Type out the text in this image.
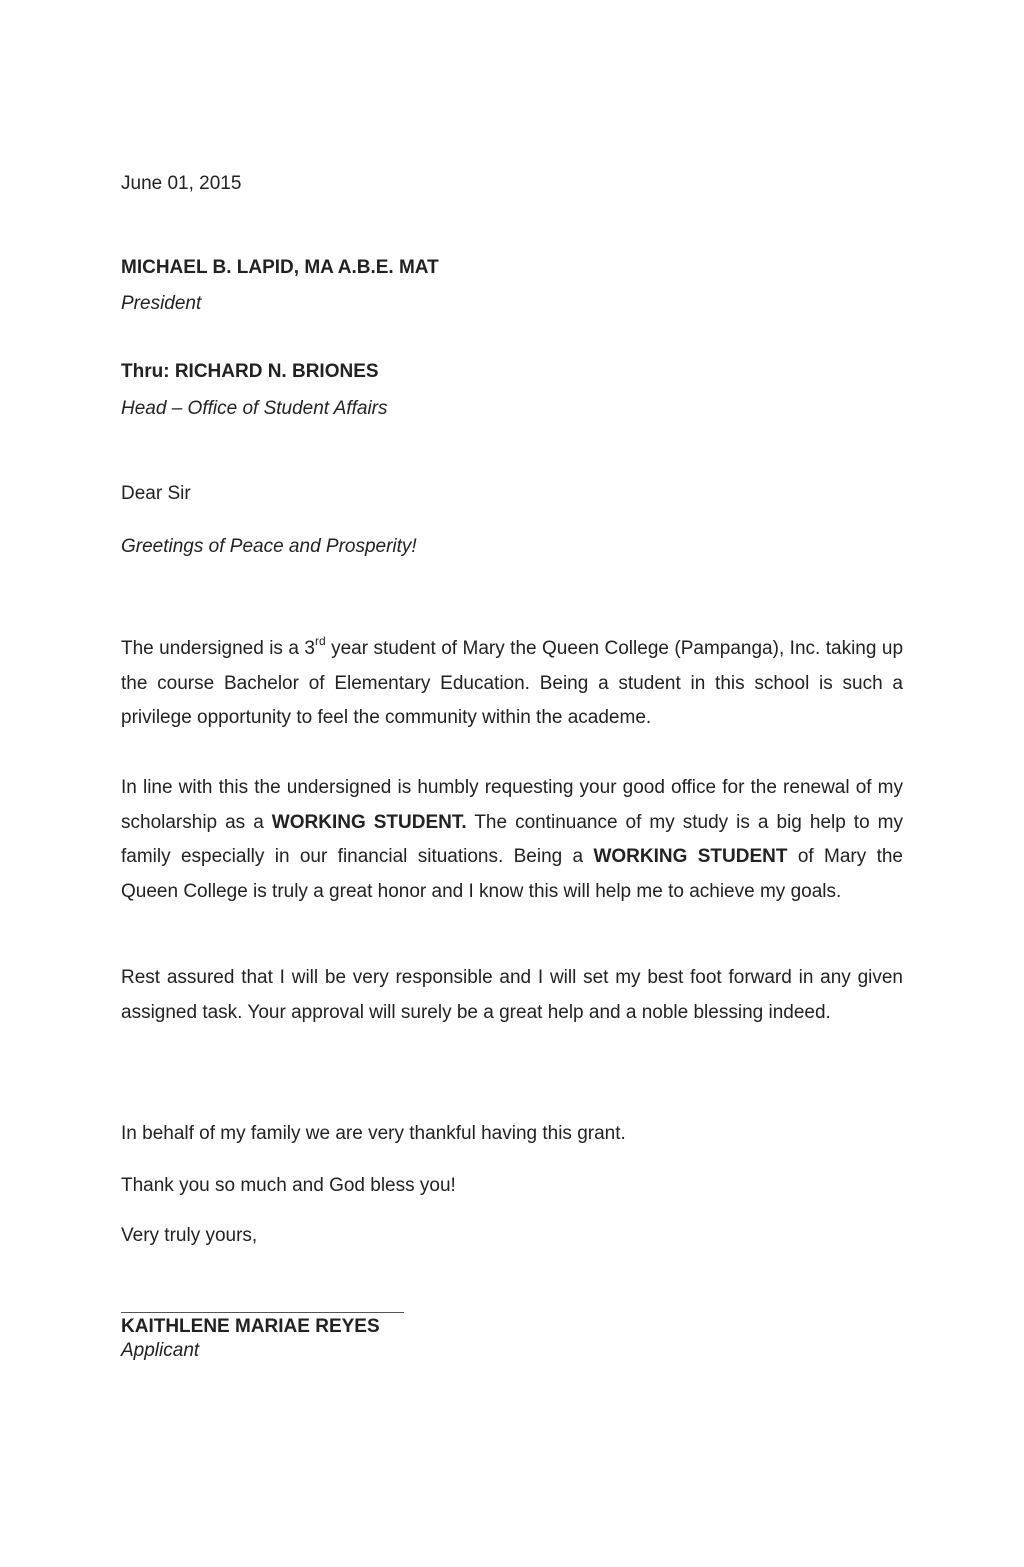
June 01, 2015
MICHAEL B. LAPID, MA A.B.E. MAT
President
Thru: RICHARD N. BRIONES
Head – Office of Student Affairs
Dear Sir
Greetings of Peace and Prosperity!
The undersigned is a 3rd year student of Mary the Queen College (Pampanga), Inc. taking up the course Bachelor of Elementary Education. Being a student in this school is such a privilege opportunity to feel the community within the academe.
In line with this the undersigned is humbly requesting your good office for the renewal of my scholarship as a WORKING STUDENT. The continuance of my study is a big help to my family especially in our financial situations. Being a WORKING STUDENT of Mary the Queen College is truly a great honor and I know this will help me to achieve my goals.
Rest assured that I will be very responsible and I will set my best foot forward in any given assigned task. Your approval will surely be a great help and a noble blessing indeed.
In behalf of my family we are very thankful having this grant.
Thank you so much and God bless you!
Very truly yours,
KAITHLENE MARIAE REYES
Applicant
